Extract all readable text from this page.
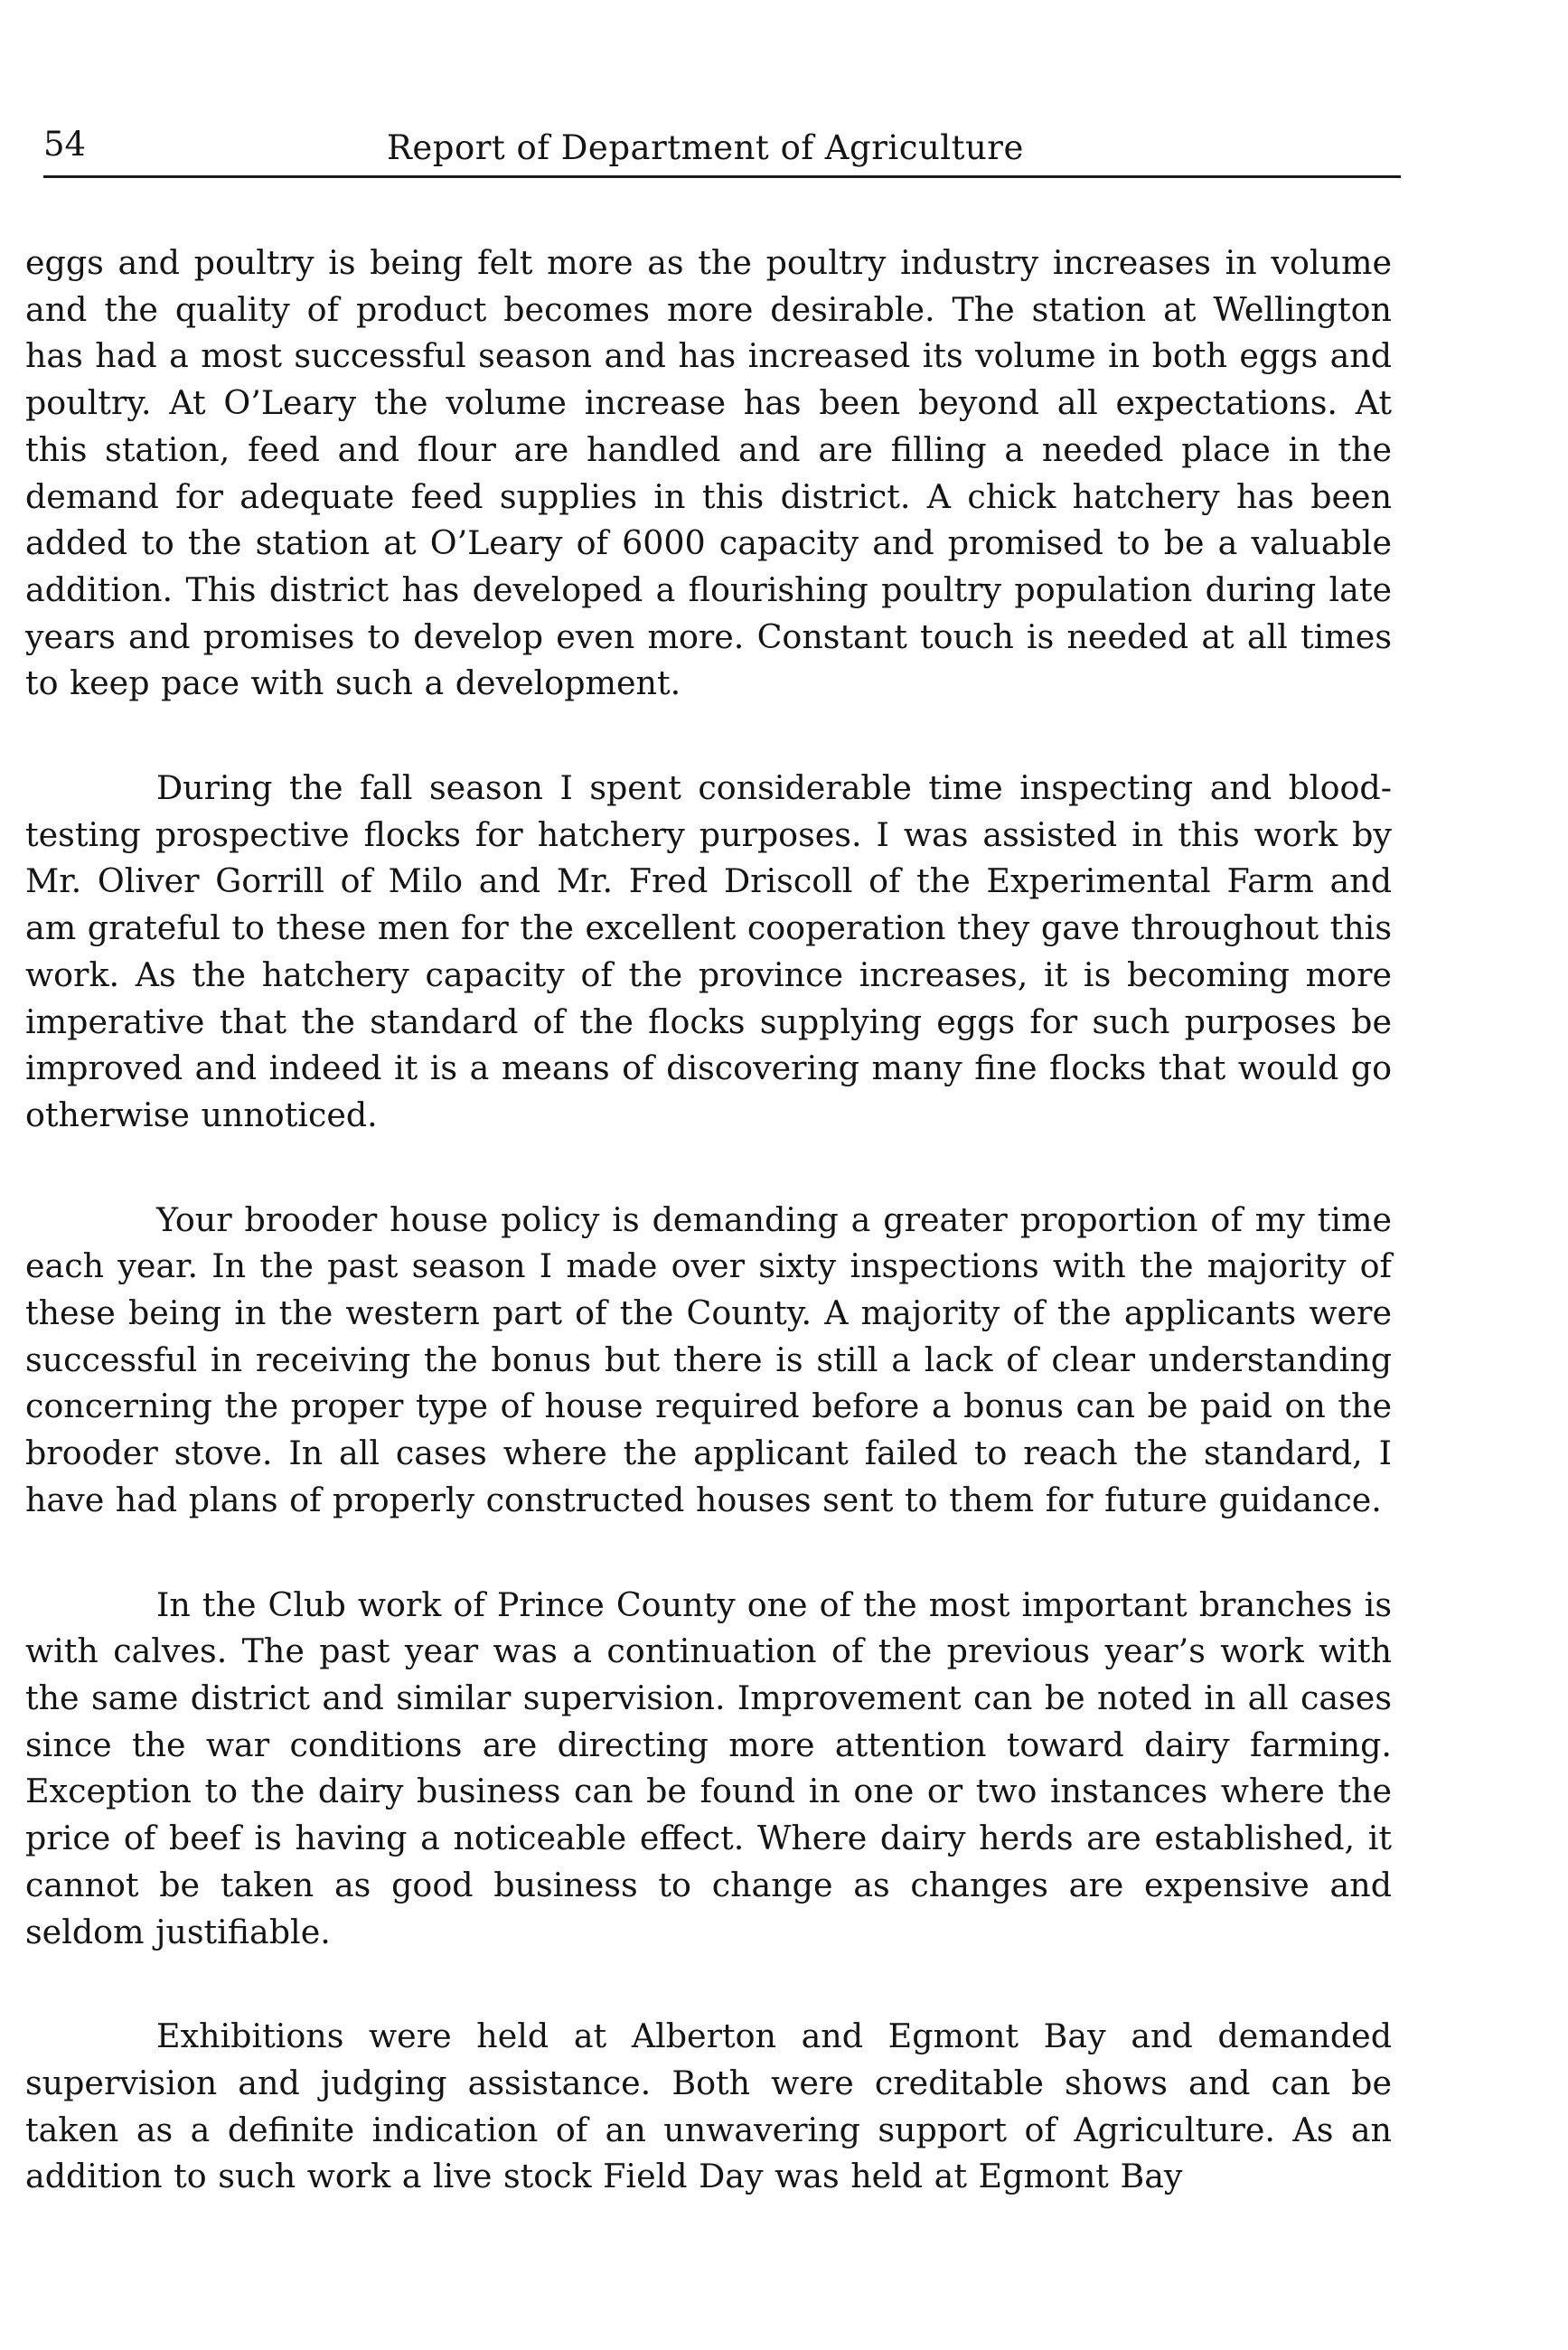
54	Report of Department of Agriculture

eggs and poultry is being felt more as the poultry industry increases in volume and the quality of product becomes more desirable. The station at Wellington has had a most successful season and has increased its volume in both eggs and poultry. At O’Leary the volume increase has been beyond all expectations. At this station, feed and flour are handled and are filling a needed place in the demand for adequate feed supplies in this district. A chick hatchery has been added to the station at O’Leary of 6000 capacity and promised to be a valuable addition. This district has developed a flourishing poultry population during late years and promises to develop even more. Constant touch is needed at all times to keep pace with such a development.

During the fall season I spent considerable time inspecting and blood-testing prospective flocks for hatchery purposes. I was assisted in this work by Mr. Oliver Gorrill of Milo and Mr. Fred Driscoll of the Experimental Farm and am grateful to these men for the excellent cooperation they gave throughout this work. As the hatchery capacity of the province increases, it is becoming more imperative that the standard of the flocks supplying eggs for such purposes be improved and indeed it is a means of discovering many fine flocks that would go otherwise unnoticed.

Your brooder house policy is demanding a greater proportion of my time each year. In the past season I made over sixty inspections with the majority of these being in the western part of the County. A majority of the applicants were successful in receiving the bonus but there is still a lack of clear understanding concerning the proper type of house required before a bonus can be paid on the brooder stove. In all cases where the applicant failed to reach the standard, I have had plans of properly constructed houses sent to them for future guidance.

In the Club work of Prince County one of the most important branches is with calves. The past year was a continuation of the previous year’s work with the same district and similar supervision. Improvement can be noted in all cases since the war conditions are directing more attention toward dairy farming. Exception to the dairy business can be found in one or two instances where the price of beef is having a noticeable effect. Where dairy herds are established, it cannot be taken as good business to change as changes are expensive and seldom justifiable.

Exhibitions were held at Alberton and Egmont Bay and demanded supervision and judging assistance. Both were creditable shows and can be taken as a definite indication of an unwavering support of Agriculture. As an addition to such work a live stock Field Day was held at Egmont Bay
